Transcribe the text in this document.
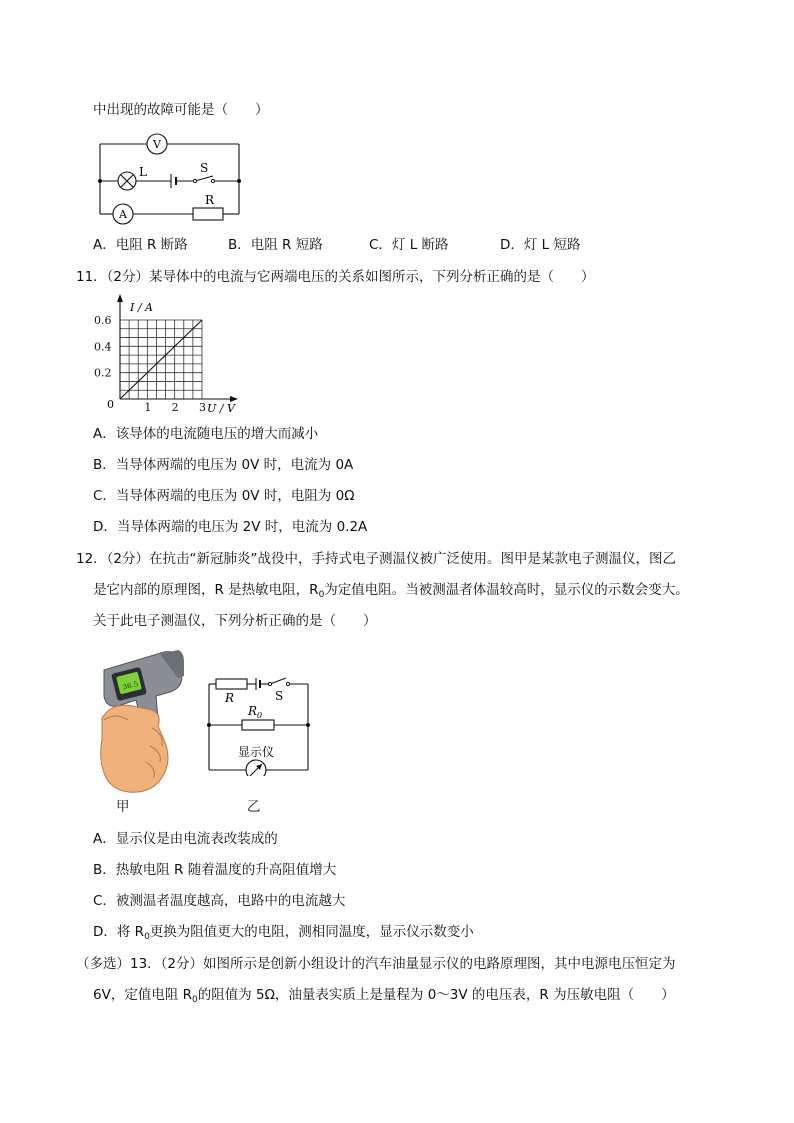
中出现的故障可能是（　　）
V
A
L	S
R
A．电阻 R 断路	B．电阻 R 短路	C．灯 L 断路	D．灯 L 短路
11．（2分）某导体中的电流与它两端电压的关系如图所示，下列分析正确的是（　　）
1 2 3
0.2
0.4
0.6
I / A
U / V
0
A．该导体的电流随电压的增大而减小
B．当导体两端的电压为 0V 时，电流为 0A
C．当导体两端的电压为 0V 时，电阻为 0Ω
D．当导体两端的电压为 2V 时，电流为 0.2A
12．（2分）在抗击“新冠肺炎”战役中，手持式电子测温仪被广泛使用。图甲是某款电子测温仪，图乙
是它内部的原理图，R 是热敏电阻，$R_0$为定值电阻。当被测温者体温较高时，显示仪的示数会变大。
关于此电子测温仪，下列分析正确的是（　　）
36.5
甲
R	S
$R_0$
显示仪
乙
A．显示仪是由电流表改装成的
B．热敏电阻 R 随着温度的升高阻值增大
C．被测温者温度越高，电路中的电流越大
D．将 $R_0$更换为阻值更大的电阻，测相同温度，显示仪示数变小
（多选）13．（2分）如图所示是创新小组设计的汽车油量显示仪的电路原理图，其中电源电压恒定为
6V，定值电阻 $R_0$的阻值为 5Ω，油量表实质上是量程为 0～3V 的电压表，R 为压敏电阻（　　）
